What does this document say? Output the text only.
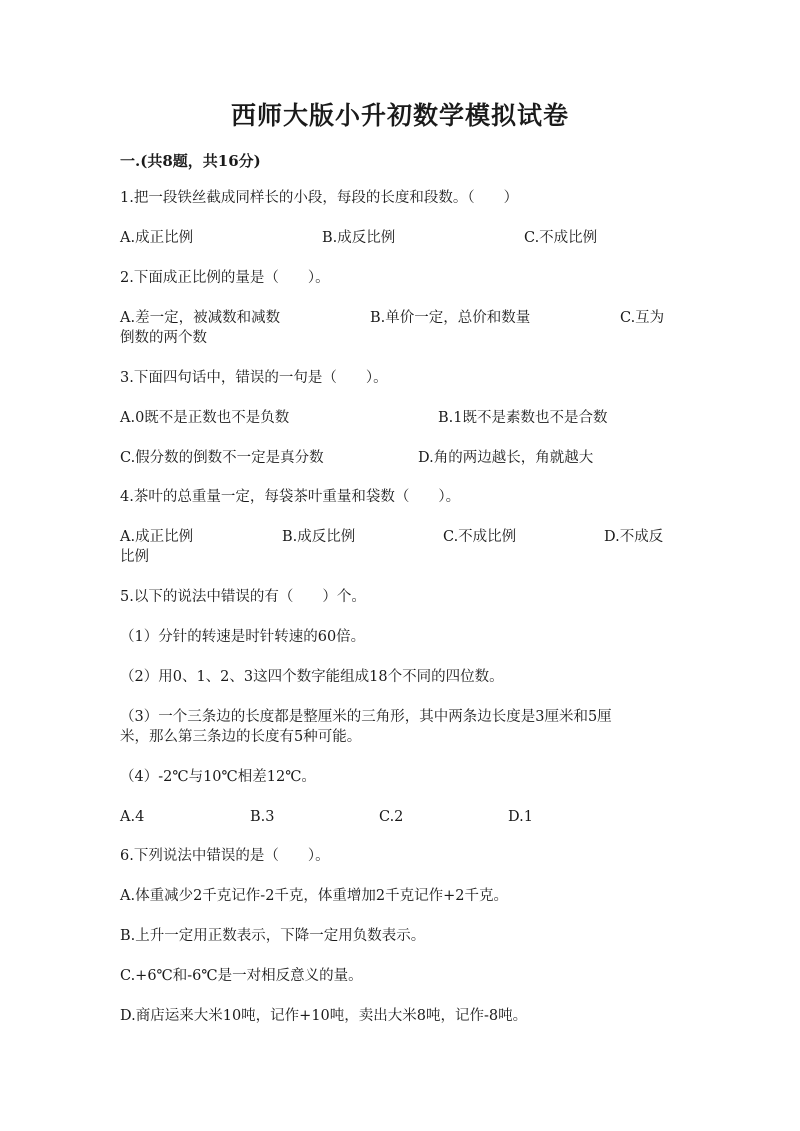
西师大版小升初数学模拟试卷
一.(共8题，共16分)
1.把一段铁丝截成同样长的小段，每段的长度和段数。（　　）
A.成正比例	B.成反比例	C.不成比例
2.下面成正比例的量是（　　）。
A.差一定，被减数和减数	B.单价一定，总价和数量	C.互为
倒数的两个数
3.下面四句话中，错误的一句是（　　）。
A.0既不是正数也不是负数	B.1既不是素数也不是合数
C.假分数的倒数不一定是真分数	D.角的两边越长，角就越大
4.茶叶的总重量一定，每袋茶叶重量和袋数（　　）。
A.成正比例	B.成反比例	C.不成比例	D.不成反
比例
5.以下的说法中错误的有（　　）个。
（1）分针的转速是时针转速的60倍。
（2）用0、1、2、3这四个数字能组成18个不同的四位数。
（3）一个三条边的长度都是整厘米的三角形，其中两条边长度是3厘米和5厘
米，那么第三条边的长度有5种可能。
（4）-2℃与10℃相差12℃。
A.4	B.3	C.2	D.1
6.下列说法中错误的是（　　）。
A.体重减少2千克记作-2千克，体重增加2千克记作+2千克。
B.上升一定用正数表示，下降一定用负数表示。
C.+6℃和-6℃是一对相反意义的量。
D.商店运来大米10吨，记作+10吨，卖出大米8吨，记作-8吨。
